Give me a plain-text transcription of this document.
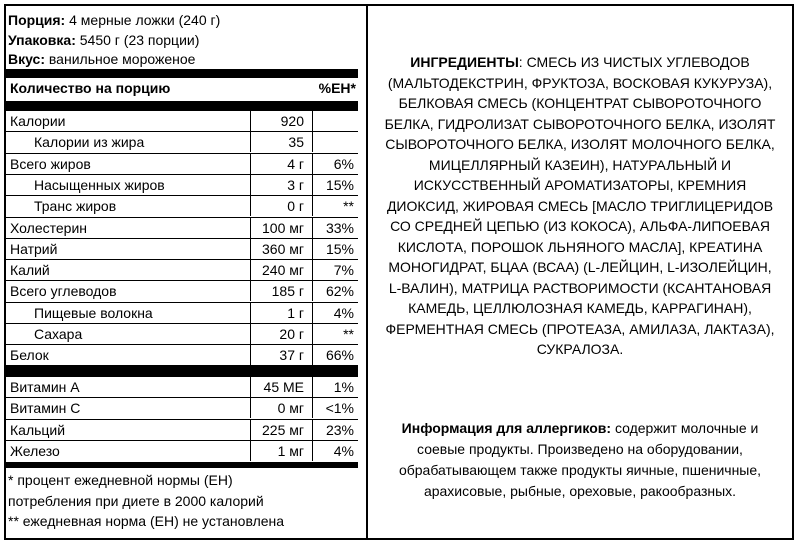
Порция: 4 мерные ложки (240 г)
Упаковка: 5450 г (23 порции)
Вкус: ванильное мороженое
Количество на порцию	%ЕН*
Калории	920
Калории из жира	35
Всего жиров	4 г 6%
Насыщенных жиров	3 г 15%
Транс жиров	0 г	**
Холестерин	100 мг 33%
Натрий	360 мг 15%
Калий	240 мг 7%
Всего углеводов	185 г 62%
Пищевые волокна	1 г 4%
Сахара	20 г	**
Белок	37 г 66%
Витамин А	45 МЕ 1%
Витамин С	0 мг <1%
Кальций	225 мг 23%
Железо	1 мг 4%
* процент ежедневной нормы (ЕН)
потребления при диете в 2000 калорий
** ежедневная норма (ЕН) не установлена
ИНГРЕДИЕНТЫ: СМЕСЬ ИЗ ЧИСТЫХ УГЛЕВОДОВ (МАЛЬТОДЕКСТРИН, ФРУКТОЗА, ВОСКОВАЯ КУКУРУЗА), БЕЛКОВАЯ СМЕСЬ (КОНЦЕНТРАТ СЫВОРОТОЧНОГО БЕЛКА, ГИДРОЛИЗАТ СЫВОРОТОЧНОГО БЕЛКА, ИЗОЛЯТ СЫВОРОТОЧНОГО БЕЛКА, ИЗОЛЯТ МОЛОЧНОГО БЕЛКА, МИЦЕЛЛЯРНЫЙ КАЗЕИН), НАТУРАЛЬНЫЙ И ИСКУССТВЕННЫЙ АРОМАТИЗАТОРЫ, КРЕМНИЯ ДИОКСИД, ЖИРОВАЯ СМЕСЬ [МАСЛО ТРИГЛИЦЕРИДОВ СО СРЕДНЕЙ ЦЕПЬЮ (ИЗ КОКОСА), АЛЬФА-ЛИПОЕВАЯ КИСЛОТА, ПОРОШОК ЛЬНЯНОГО МАСЛА], КРЕАТИНА МОНОГИДРАТ, БЦАА (ВСАА) (L-ЛЕЙЦИН, L-ИЗОЛЕЙЦИН, L-ВАЛИН), МАТРИЦА РАСТВОРИМОСТИ (КСАНТАНОВАЯ КАМЕДЬ, ЦЕЛЛЮЛОЗНАЯ КАМЕДЬ, КАРРАГИНАН), ФЕРМЕНТНАЯ СМЕСЬ (ПРОТЕАЗА, АМИЛАЗА, ЛАКТАЗА), СУКРАЛОЗА.
Информация для аллергиков: содержит молочные и соевые продукты. Произведено на оборудовании, обрабатывающем также продукты яичные, пшеничные, арахисовые, рыбные, ореховые, ракообразных.
